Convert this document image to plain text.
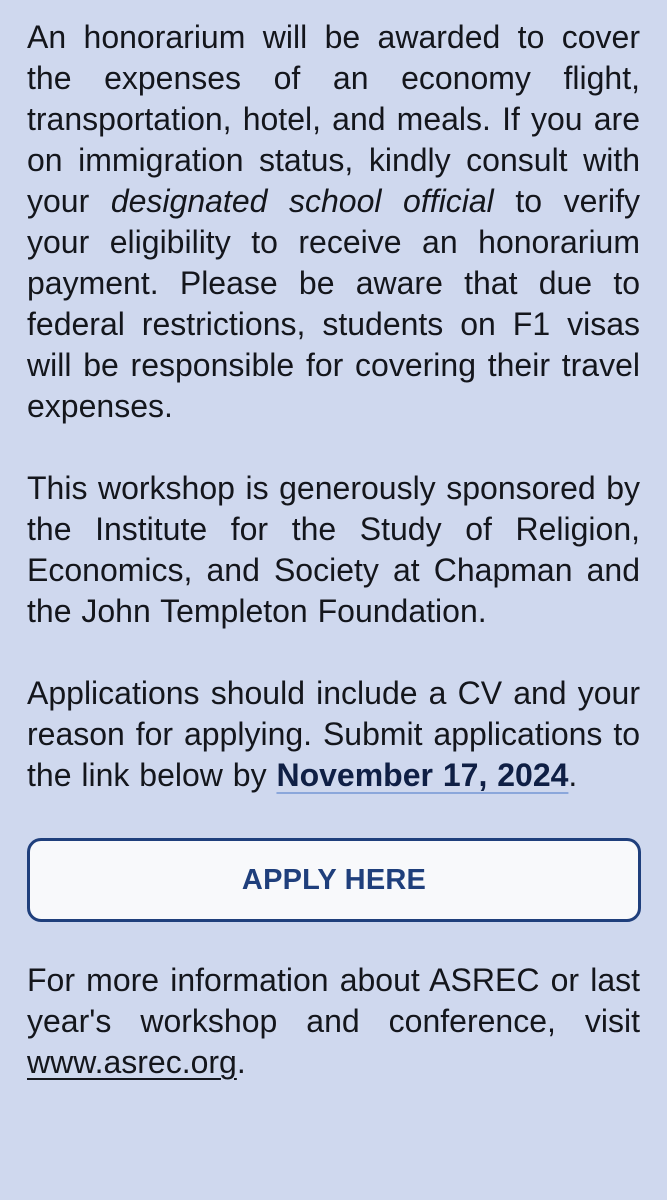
An honorarium will be awarded to cover the expenses of an economy flight, transportation, hotel, and meals. If you are on immigration status, kindly consult with your designated school official to verify your eligibility to receive an honorarium payment. Please be aware that due to federal restrictions, students on F1 visas will be responsible for covering their travel expenses.

This workshop is generously sponsored by the Institute for the Study of Religion, Economics, and Society at Chapman and the John Templeton Foundation.

Applications should include a CV and your reason for applying. Submit applications to the link below by November 17, 2024.

APPLY HERE

For more information about ASREC or last year's workshop and conference, visit www.asrec.org.
